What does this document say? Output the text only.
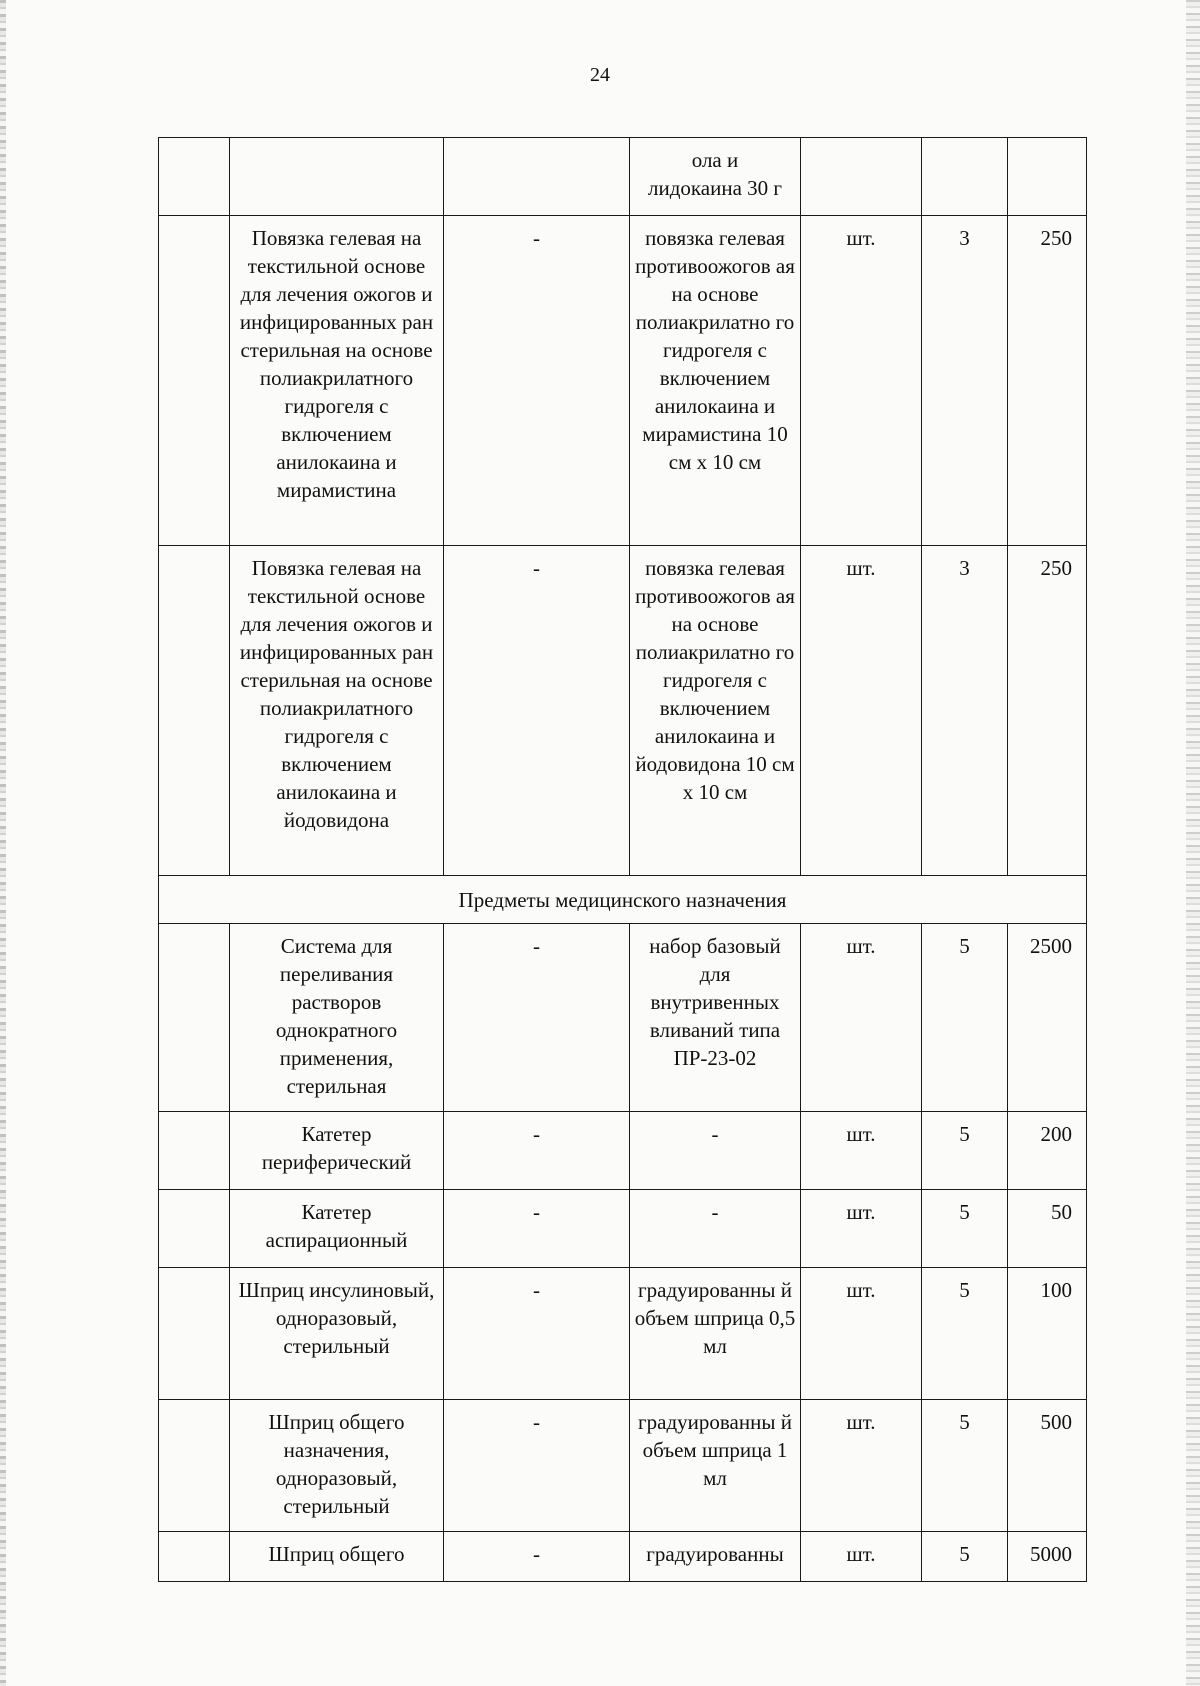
24
			ола и
лидокаина 30 г			
	Повязка гелевая на текстильной основе для лечения ожогов и инфицированных ран стерильная на основе полиакрилатного гидрогеля с включением анилокаина и мирамистина	-	повязка гелевая противоожогов ая на основе полиакрилатно го гидрогеля с включением анилокаина и мирамистина 10 см х 10 см	шт.	3	250
	Повязка гелевая на текстильной основе для лечения ожогов и инфицированных ран стерильная на основе полиакрилатного гидрогеля с включением анилокаина и йодовидона	-	повязка гелевая противоожогов ая на основе полиакрилатно го гидрогеля с включением анилокаина и йодовидона 10 см х 10 см	шт.	3	250
Предметы медицинского назначения						
	Система для переливания растворов однократного применения, стерильная	-	набор базовый для внутривенных вливаний типа ПР-23-02	шт.	5	2500
	Катетер периферический	-	-	шт.	5	200
	Катетер аспирационный	-	-	шт.	5	50
	Шприц инсулиновый, одноразовый, стерильный	-	градуированны й объем шприца 0,5 мл	шт.	5	100
	Шприц общего назначения, одноразовый, стерильный	-	градуированны й объем шприца 1 мл	шт.	5	500
	Шприц общего	-	градуированны	шт.	5	5000
